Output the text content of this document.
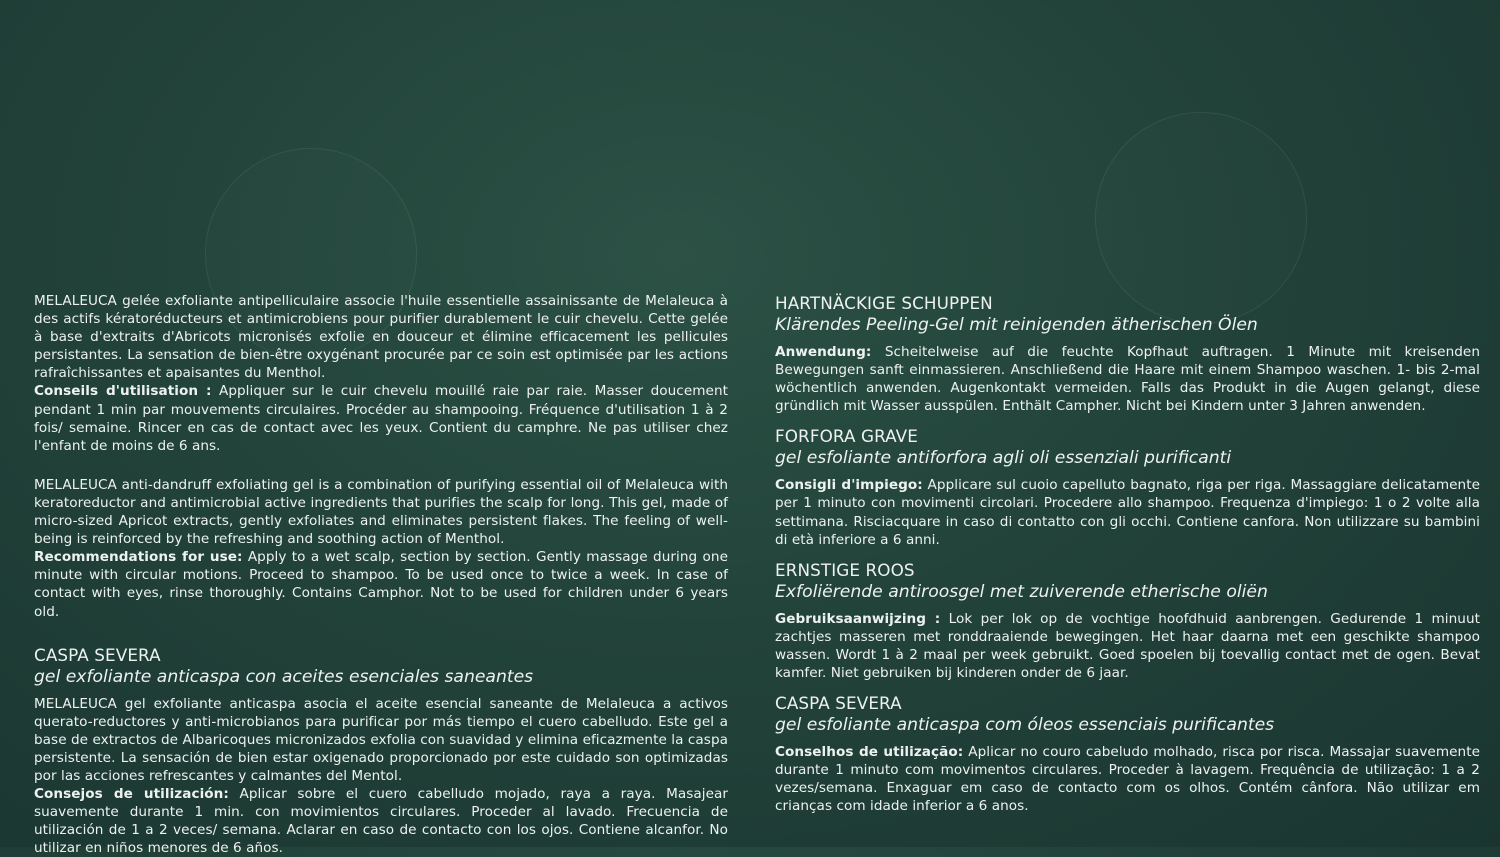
MELALEUCA gelée exfoliante antipelliculaire associe l'huile essentielle assainissante de Melaleuca à des actifs kératoréducteurs et antimicrobiens pour purifier durablement le cuir chevelu. Cette gelée à base d'extraits d'Abricots micronisés exfolie en douceur et élimine efficacement les pellicules persistantes. La sensation de bien-être oxygénant procurée par ce soin est optimisée par les actions rafraîchissantes et apaisantes du Menthol.

Conseils d'utilisation : Appliquer sur le cuir chevelu mouillé raie par raie. Masser doucement pendant 1 min par mouvements circulaires. Procéder au shampooing. Fréquence d'utilisation 1 à 2 fois/ semaine. Rincer en cas de contact avec les yeux. Contient du camphre. Ne pas utiliser chez l'enfant de moins de 6 ans.

MELALEUCA anti-dandruff exfoliating gel is a combination of purifying essential oil of Melaleuca with keratoreductor and antimicrobial active ingredients that purifies the scalp for long. This gel, made of micro-sized Apricot extracts, gently exfoliates and eliminates persistent flakes. The feeling of well-being is reinforced by the refreshing and soothing action of Menthol.

Recommendations for use: Apply to a wet scalp, section by section. Gently massage during one minute with circular motions. Proceed to shampoo. To be used once to twice a week. In case of contact with eyes, rinse thoroughly. Contains Camphor. Not to be used for children under 6 years old.

CASPA SEVERA
gel exfoliante anticaspa con aceites esenciales saneantes

MELALEUCA gel exfoliante anticaspa asocia el aceite esencial saneante de Melaleuca a activos querato-reductores y anti-microbianos para purificar por más tiempo el cuero cabelludo. Este gel a base de extractos de Albaricoques micronizados exfolia con suavidad y elimina eficazmente la caspa persistente. La sensación de bien estar oxigenado proporcionado por este cuidado son optimizadas por las acciones refrescantes y calmantes del Mentol.

Consejos de utilización: Aplicar sobre el cuero cabelludo mojado, raya a raya. Masajear suavemente durante 1 min. con movimientos circulares. Proceder al lavado. Frecuencia de utilización de 1 a 2 veces/ semana. Aclarar en caso de contacto con los ojos. Contiene alcanfor. No utilizar en niños menores de 6 años.

HARTNÄCKIGE SCHUPPEN
Klärendes Peeling-Gel mit reinigenden ätherischen Ölen

Anwendung: Scheitelweise auf die feuchte Kopfhaut auftragen. 1 Minute mit kreisenden Bewegungen sanft einmassieren. Anschließend die Haare mit einem Shampoo waschen. 1- bis 2-mal wöchentlich anwenden. Augenkontakt vermeiden. Falls das Produkt in die Augen gelangt, diese gründlich mit Wasser ausspülen. Enthält Campher. Nicht bei Kindern unter 3 Jahren anwenden.

FORFORA GRAVE
gel esfoliante antiforfora agli oli essenziali purificanti

Consigli d'impiego: Applicare sul cuoio capelluto bagnato, riga per riga. Massaggiare delicatamente per 1 minuto con movimenti circolari. Procedere allo shampoo. Frequenza d'impiego: 1 o 2 volte alla settimana. Risciacquare in caso di contatto con gli occhi. Contiene canfora. Non utilizzare su bambini di età inferiore a 6 anni.

ERNSTIGE ROOS
Exfoliërende antiroosgel met zuiverende etherische oliën

Gebruiksaanwijzing : Lok per lok op de vochtige hoofdhuid aanbrengen. Gedurende 1 minuut zachtjes masseren met ronddraaiende bewegingen. Het haar daarna met een geschikte shampoo wassen. Wordt 1 à 2 maal per week gebruikt. Goed spoelen bij toevallig contact met de ogen. Bevat kamfer. Niet gebruiken bij kinderen onder de 6 jaar.

CASPA SEVERA
gel esfoliante anticaspa com óleos essenciais purificantes

Conselhos de utilização: Aplicar no couro cabeludo molhado, risca por risca. Massajar suavemente durante 1 minuto com movimentos circulares. Proceder à lavagem. Frequência de utilização: 1 a 2 vezes/semana. Enxaguar em caso de contacto com os olhos. Contém cânfora. Não utilizar em crianças com idade inferior a 6 anos.
